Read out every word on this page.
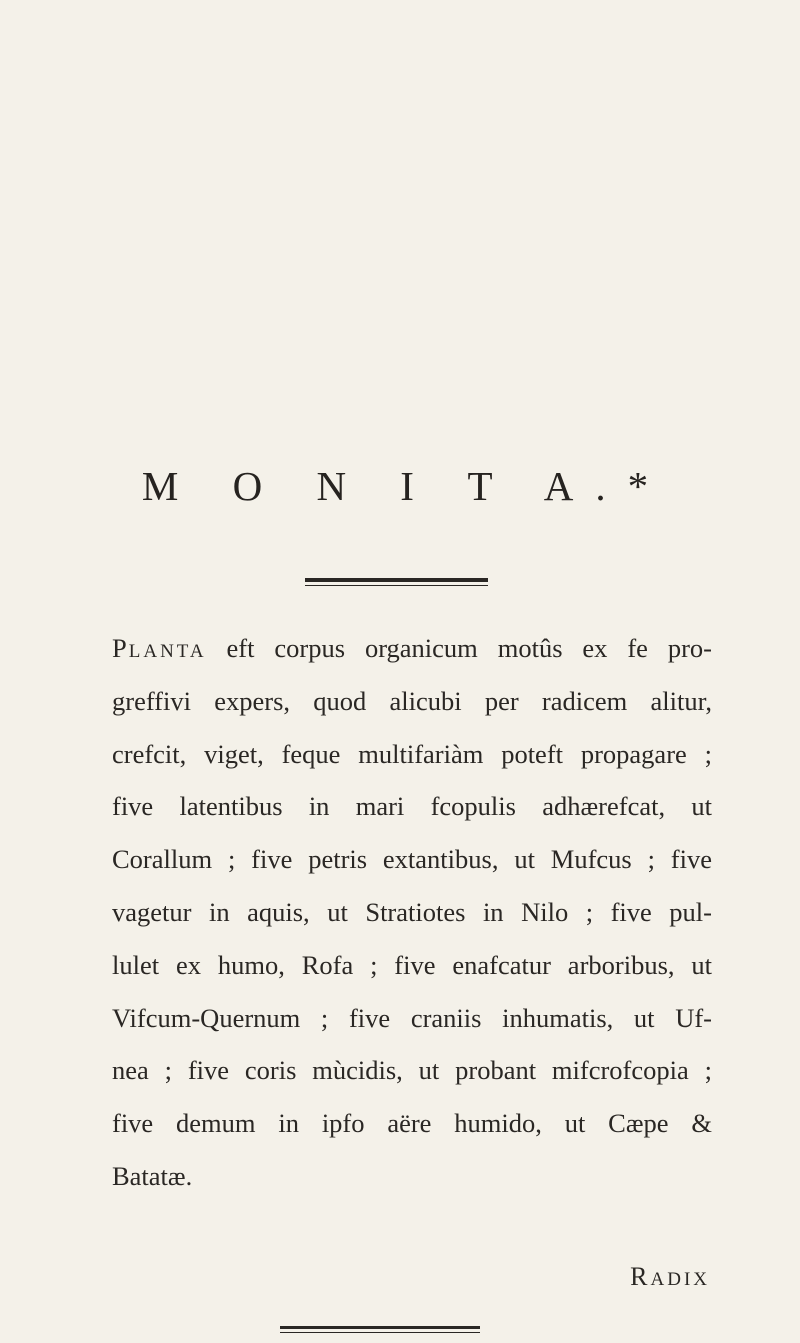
M O N I T A.*
PLANTA eft corpus organicum motûs ex fe pro-
greffivi expers, quod alicubi per radicem alitur,
crefcit, viget, feque multifariàm poteft propagare ;
five latentibus in mari fcopulis adhærefcat, ut
Corallum ; five petris extantibus, ut Mufcus ; five
vagetur in aquis, ut Stratiotes in Nilo ; five pul-
lulet ex humo, Rofa ; five enafcatur arboribus, ut
Vifcum-Quernum ; five craniis inhumatis, ut Uf-
nea ; five coris mùcidis, ut probant mifcrofcopia ;
five demum in ipfo aëre humido, ut Cæpe &
Batatæ.
RADIX
